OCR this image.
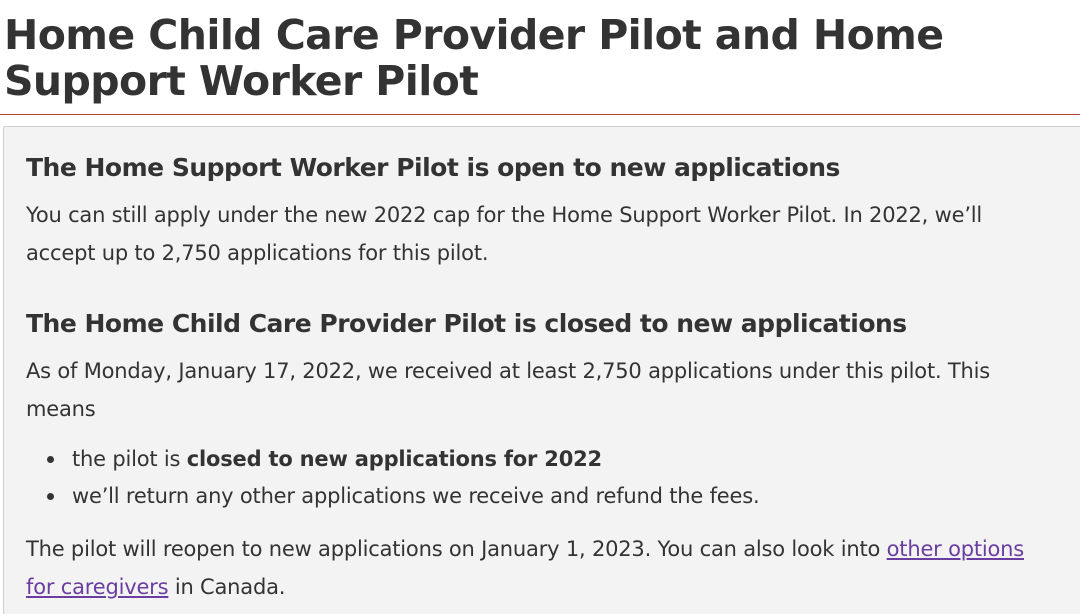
Home Child Care Provider Pilot and Home Support Worker Pilot
The Home Support Worker Pilot is open to new applications

You can still apply under the new 2022 cap for the Home Support Worker Pilot. In 2022, we’ll accept up to 2,750 applications for this pilot.

The Home Child Care Provider Pilot is closed to new applications

As of Monday, January 17, 2022, we received at least 2,750 applications under this pilot. This means

the pilot is closed to new applications for 2022
we’ll return any other applications we receive and refund the fees.

The pilot will reopen to new applications on January 1, 2023. You can also look into other options for caregivers in Canada.
